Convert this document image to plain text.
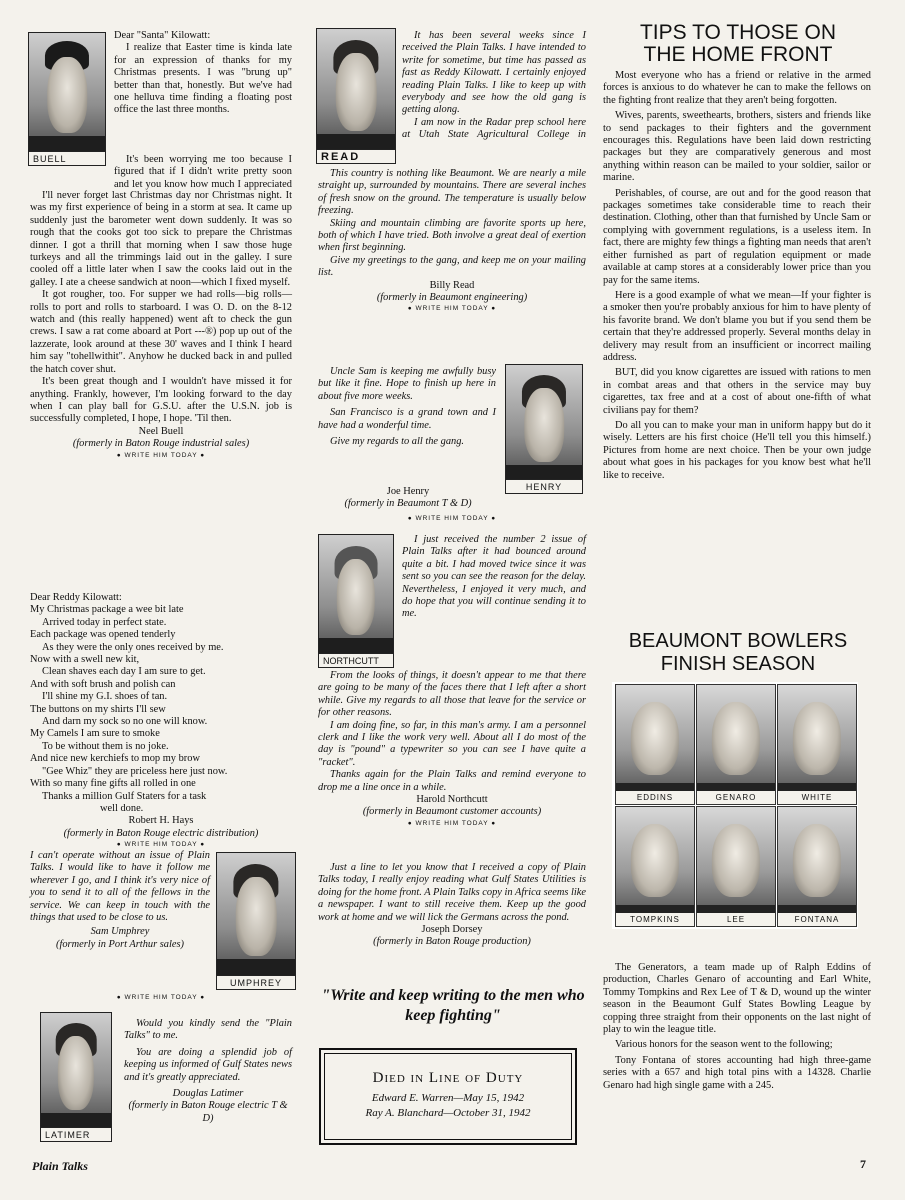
BUELL

Dear "Santa" Kilowatt:

I realize that Easter time is kinda late for an expression of thanks for my Christmas presents. I was "brung up" better than that, honestly. But we've had one helluva time finding a floating post office the last three months.

It's been worrying me too because I figured that if I didn't write pretty soon and let you know how much I appreciated

I'll never forget last Christmas day nor Christmas night. It was my first experience of being in a storm at sea. It came up suddenly just the barometer went down suddenly. It was so rough that the cooks got too sick to prepare the Christmas dinner. I got a thrill that morning when I saw those huge turkeys and all the trimmings laid out in the galley. I sure cooled off a little later when I saw the cooks laid out in the galley. I ate a cheese sandwich at noon—which I fixed myself.

It got rougher, too. For supper we had rolls—big rolls—rolls to port and rolls to starboard. I was O. D. on the 8-12 watch and (this really happened) went aft to check the gun crews. I saw a rat come aboard at Port ---®) pop up out of the lazzerate, look around at these 30' waves and I think I heard him say "tohellwithit". Anyhow he ducked back in and pulled the hatch cover shut.

It's been great though and I wouldn't have missed it for anything. Frankly, however, I'm looking forward to the day when I can play ball for G.S.U. after the U.S.N. job is successfully completed, I hope, I hope. 'Til then.

Neel Buell
(formerly in Baton Rouge industrial sales)
● WRITE HIM TODAY ●
Dear Reddy Kilowatt:
My Christmas package a wee bit late
Arrived today in perfect state.
Each package was opened tenderly
As they were the only ones received by me.
Now with a swell new kit,
Clean shaves each day I am sure to get.
And with soft brush and polish can
I'll shine my G.I. shoes of tan.
The buttons on my shirts I'll sew
And darn my sock so no one will know.
My Camels I am sure to smoke
To be without them is no joke.
And nice new kerchiefs to mop my brow
"Gee Whiz" they are priceless here just now.
With so many fine gifts all rolled in one
Thanks a million Gulf Staters for a task
well done.
Robert H. Hays
(formerly in Baton Rouge electric distribution)
● WRITE HIM TODAY ●

I can't operate without an issue of Plain Talks. I would like to have it follow me wherever I go, and I think it's very nice of you to send it to all of the fellows in the service. We can keep in touch with the things that used to be close to us.

Sam Umphrey
(formerly in Port Arthur sales)
UMPHREY
● WRITE HIM TODAY ●
LATIMER

Would you kindly send the "Plain Talks" to me.

You are doing a splendid job of keeping us informed of Gulf States news and it's greatly appreciated.

Douglas Latimer
(formerly in Baton Rouge electric T & D)
Plain Talks
READ

It has been several weeks since I received the Plain Talks. I have intended to write for sometime, but time has passed as fast as Reddy Kilowatt. I certainly enjoyed reading Plain Talks. I like to keep up with everybody and see how the old gang is getting along.

I am now in the Radar prep school here at Utah State Agricultural College in

This country is nothing like Beaumont. We are nearly a mile straight up, surrounded by mountains. There are several inches of fresh snow on the ground. The temperature is usually below freezing.

Skiing and mountain climbing are favorite sports up here, both of which I have tried. Both involve a great deal of exertion when first beginning.

Give my greetings to the gang, and keep me on your mailing list.

Billy Read
(formerly in Beaumont engineering)
● WRITE HIM TODAY ●

Uncle Sam is keeping me awfully busy but like it fine. Hope to finish up here in about five more weeks.

San Francisco is a grand town and I have had a wonderful time.

Give my regards to all the gang.

HENRY
Joe Henry
(formerly in Beaumont T & D)
● WRITE HIM TODAY ●
NORTHCUTT

I just received the number 2 issue of Plain Talks after it had bounced around quite a bit. I had moved twice since it was sent so you can see the reason for the delay. Nevertheless, I enjoyed it very much, and do hope that you will continue sending it to me.

From the looks of things, it doesn't appear to me that there are going to be many of the faces there that I left after a short while. Give my regards to all those that leave for the service or for other reasons.

I am doing fine, so far, in this man's army. I am a personnel clerk and I like the work very well. About all I do most of the day is "pound" a typewriter so you can see I have quite a "racket".

Thanks again for the Plain Talks and remind everyone to drop me a line once in a while.

Harold Northcutt
(formerly in Beaumont customer accounts)
● WRITE HIM TODAY ●

Just a line to let you know that I received a copy of Plain Talks today, I really enjoy reading what Gulf States Utilities is doing for the home front. A Plain Talks copy in Africa seems like a newspaper. I want to still receive them. Keep up the good work at home and we will lick the Germans across the pond.

Joseph Dorsey
(formerly in Baton Rouge production)
"Write and keep writing to the men who keep fighting"
Died in Line of Duty
Edward E. Warren—May 15, 1942
Ray A. Blanchard—October 31, 1942
TIPS TO THOSE ON
THE HOME FRONT

Most everyone who has a friend or relative in the armed forces is anxious to do whatever he can to make the fellows on the fighting front realize that they aren't being forgotten.

Wives, parents, sweethearts, brothers, sisters and friends like to send packages to their fighters and the government encourages this. Regulations have been laid down restricting packages but they are comparatively generous and most anything within reason can be mailed to your soldier, sailor or marine.

Perishables, of course, are out and for the good reason that packages sometimes take considerable time to reach their destination. Clothing, other than that furnished by Uncle Sam or complying with government regulations, is a useless item. In fact, there are mighty few things a fighting man needs that aren't either furnished as part of regulation equipment or made available at camp stores at a considerably lower price than you pay for the same items.

Here is a good example of what we mean—If your fighter is a smoker then you're probably anxious for him to have plenty of his favorite brand. We don't blame you but if you send them be certain that they're addressed properly. Several months delay in delivery may result from an insufficient or incorrect mailing address.

BUT, did you know cigarettes are issued with rations to men in combat areas and that others in the service may buy cigarettes, tax free and at a cost of about one-fifth of what civilians pay for them?

Do all you can to make your man in uniform happy but do it wisely. Letters are his first choice (He'll tell you this himself.) Pictures from home are next choice. Then be your own judge about what goes in his packages for you know best what he'll like to receive.

BEAUMONT BOWLERS
FINISH SEASON
EDDINS	GENARO	WHITE
TOMPKINS	LEE	FONTANA

The Generators, a team made up of Ralph Eddins of production, Charles Genaro of accounting and Earl White, Tommy Tompkins and Rex Lee of T & D, wound up the winter season in the Beaumont Gulf States Bowling League by copping three straight from their opponents on the last night of play to win the league title.

Various honors for the season went to the following;

Tony Fontana of stores accounting had high three-game series with a 657 and high total pins with a 14328. Charlie Genaro had high single game with a 245.

7
